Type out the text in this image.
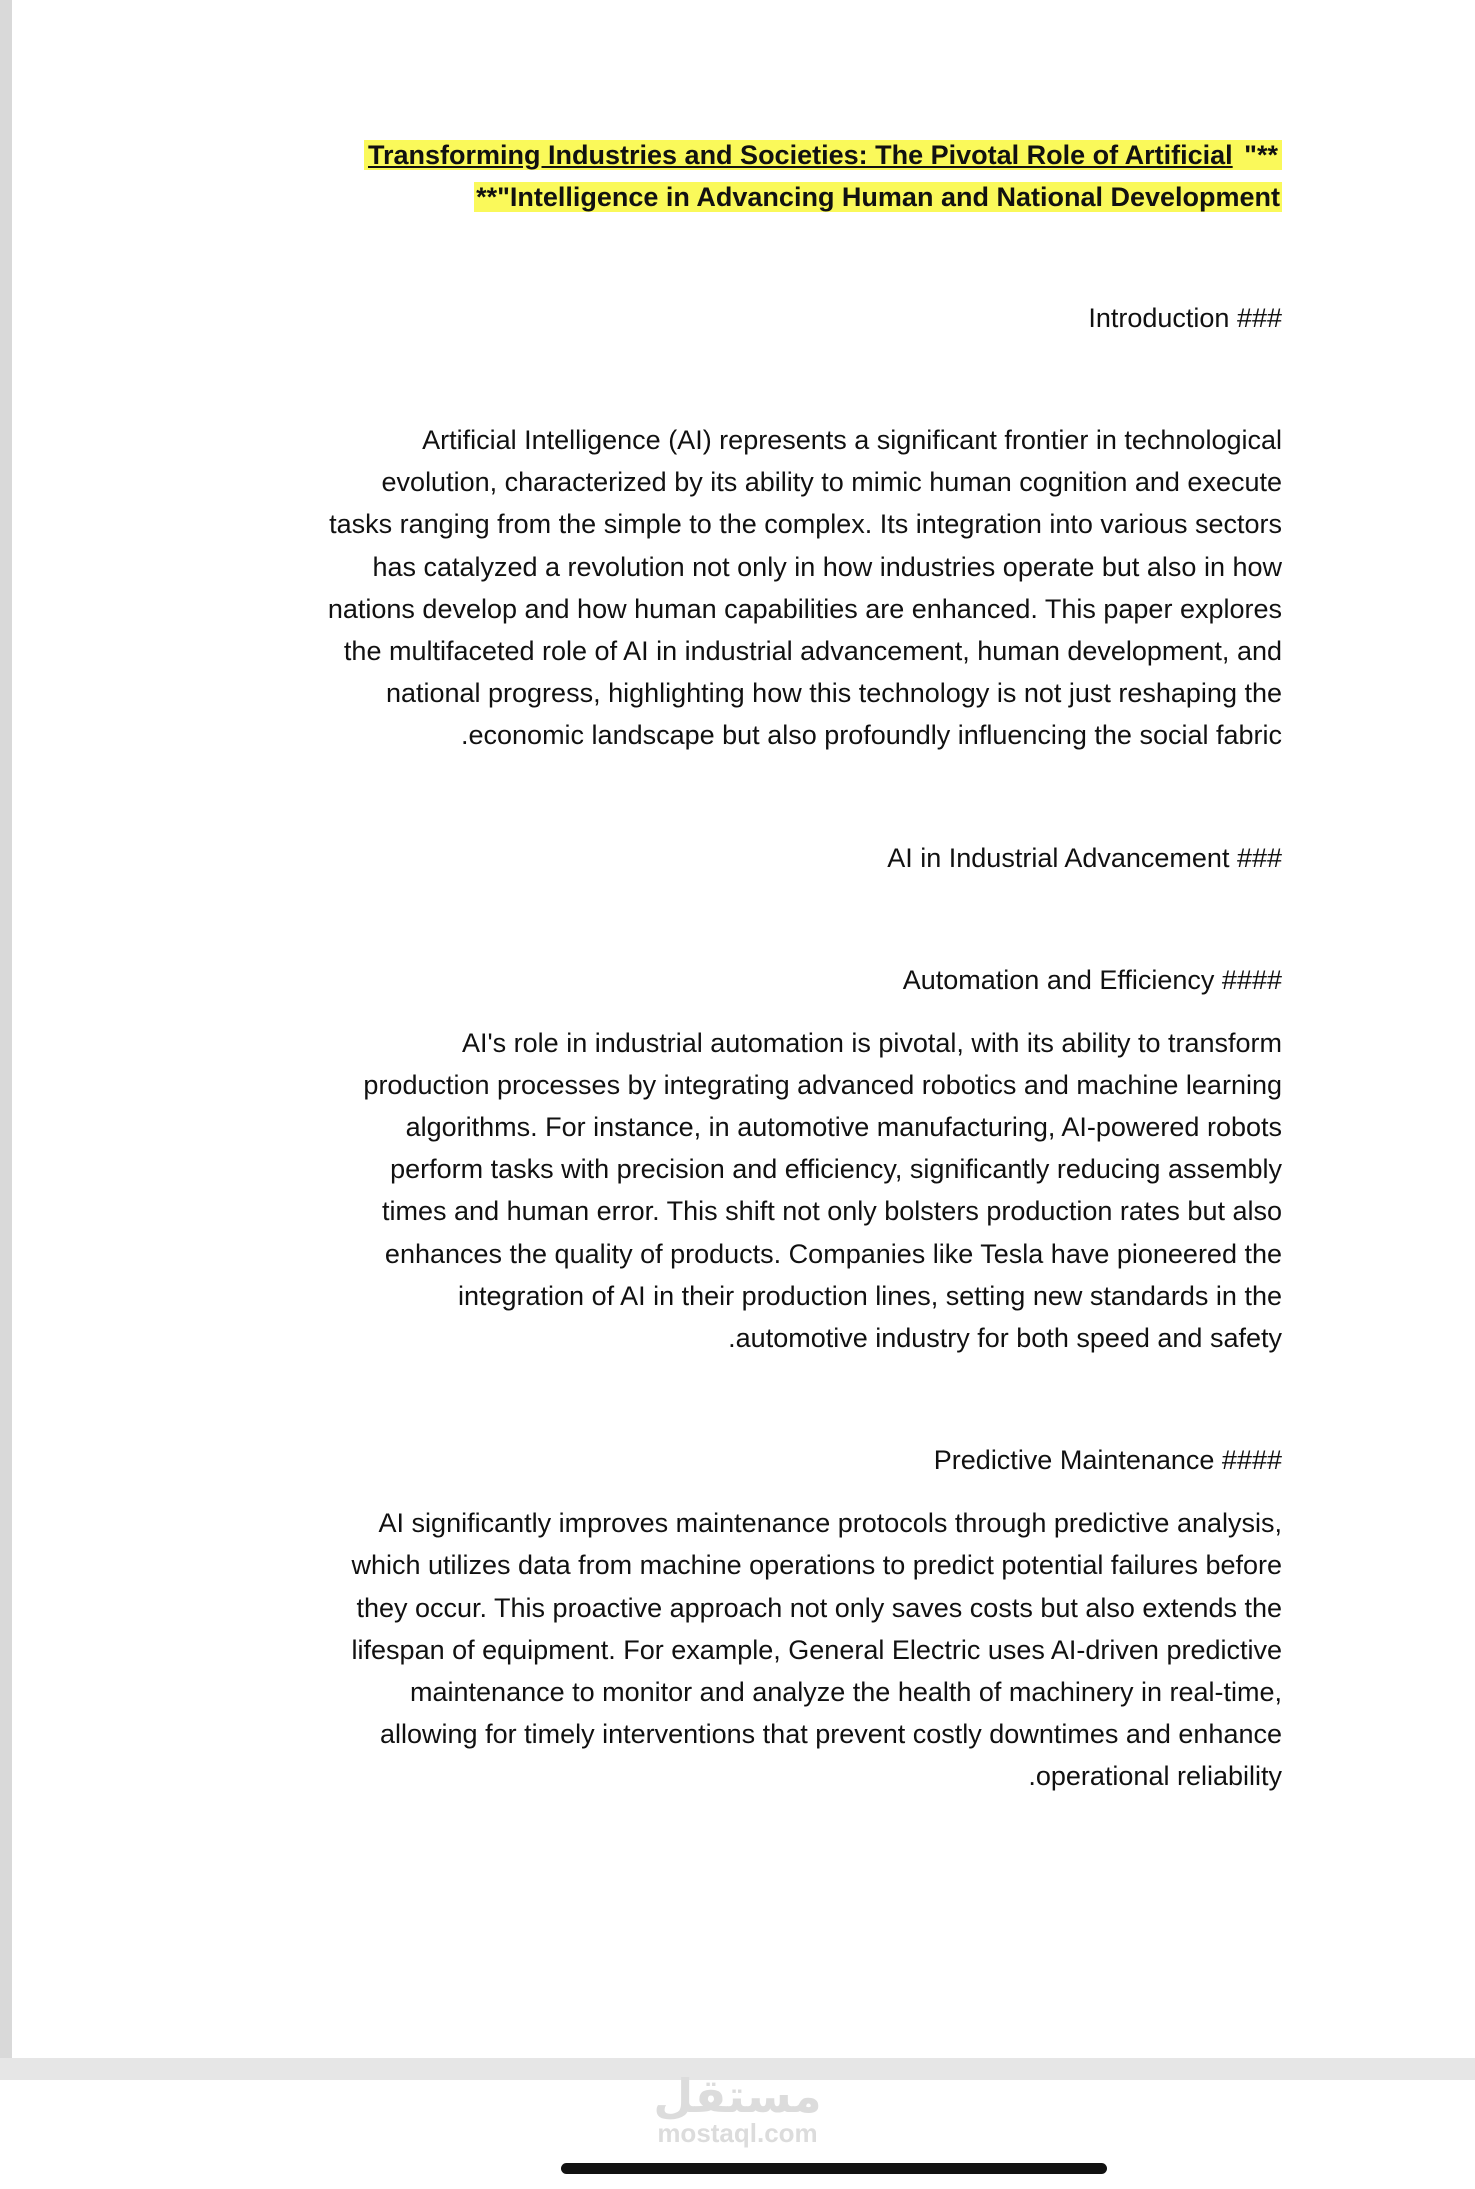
Transforming Industries and Societies: The Pivotal Role of Artificial "**
**"Intelligence in Advancing Human and National Development

Introduction ###

Artificial Intelligence (AI) represents a significant frontier in technological
evolution, characterized by its ability to mimic human cognition and execute
tasks ranging from the simple to the complex. Its integration into various sectors
has catalyzed a revolution not only in how industries operate but also in how
nations develop and how human capabilities are enhanced. This paper explores
the multifaceted role of AI in industrial advancement, human development, and
national progress, highlighting how this technology is not just reshaping the
.economic landscape but also profoundly influencing the social fabric

AI in Industrial Advancement ###

Automation and Efficiency ####

AI's role in industrial automation is pivotal, with its ability to transform
production processes by integrating advanced robotics and machine learning
algorithms. For instance, in automotive manufacturing, AI-powered robots
perform tasks with precision and efficiency, significantly reducing assembly
times and human error. This shift not only bolsters production rates but also
enhances the quality of products. Companies like Tesla have pioneered the
integration of AI in their production lines, setting new standards in the
.automotive industry for both speed and safety

Predictive Maintenance ####

AI significantly improves maintenance protocols through predictive analysis,
which utilizes data from machine operations to predict potential failures before
they occur. This proactive approach not only saves costs but also extends the
lifespan of equipment. For example, General Electric uses AI-driven predictive
maintenance to monitor and analyze the health of machinery in real-time,
allowing for timely interventions that prevent costly downtimes and enhance
.operational reliability
مستقل
mostaql.com
